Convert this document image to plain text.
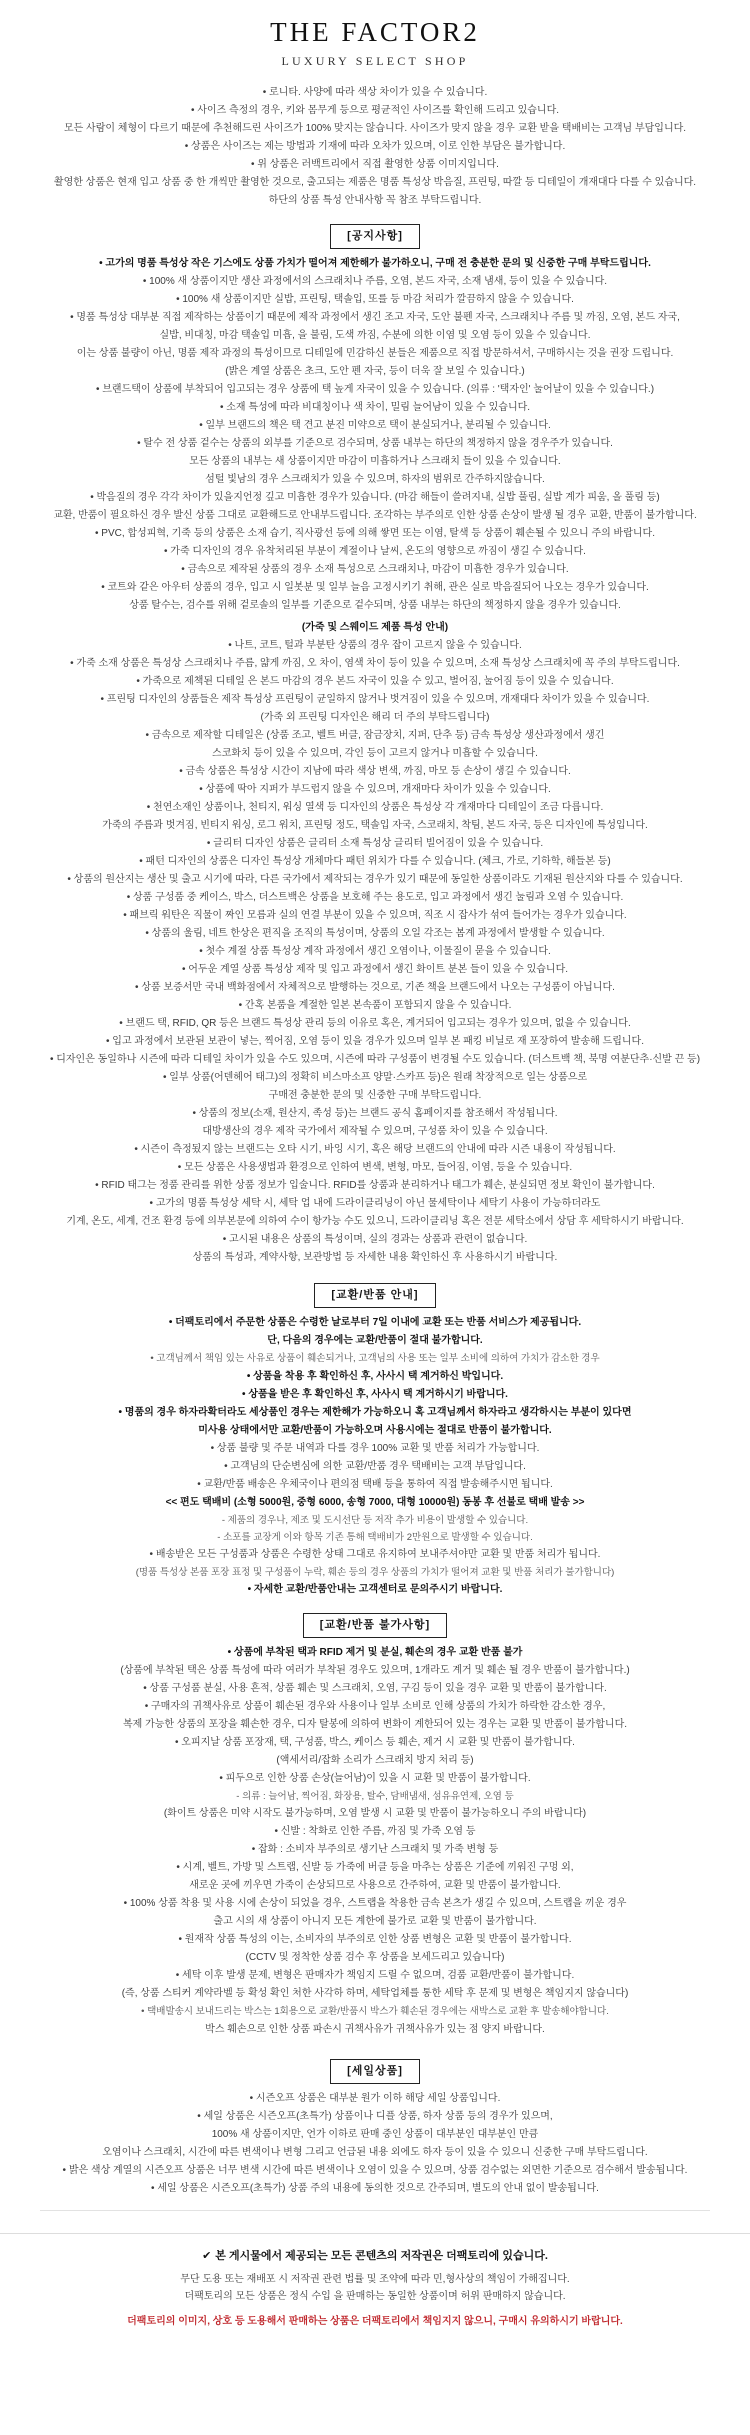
THE FACTOR2
LUXURY SELECT SHOP
• 로니타. 사양에 따라 색상 차이가 있을 수 있습니다.
• 사이즈 측정의 경우, 키와 몸무게 등으로 평균적인 사이즈를 확인해 드리고 있습니다.
모든 사람이 체형이 다르기 때문에 추천해드린 사이즈가 100% 맞지는 않습니다. 사이즈가 맞지 않을 경우 교환 받을 택배비는 고객님 부담입니다.
• 상품은 사이즈는 제는 방법과 기재에 따라 오차가 있으며, 이로 인한 부담은 불가합니다.
• 위 상품은 러백트리에서 직접 촬영한 상품 이미지입니다.
촬영한 상품은 현재 입고 상품 중 한 개씩만 촬영한 것으로, 출고되는 제품은 명품 특성상 박음질, 프린팅, 따깔 등 디테일이 개재대다 다를 수 있습니다.
하단의 상품 특성 안내사항 꼭 참조 부탁드립니다.
[공지사항]
• 고가의 명품 특성상 작은 기스에도 상품 가치가 떨어져 제한해가 불가하오니, 구매 전 충분한 문의 및 신중한 구매 부탁드립니다.
• 100% 새 상품이지만 생산 과정에서의 스크래치나 주름, 오염, 본드 자국, 소재 냄새, 등이 있을 수 있습니다.
• 100% 새 상품이지만 실밥, 프린팅, 택솔입, 또를 등 마감 처리가 깔끔하지 않을 수 있습니다.
• 명품 특성상 대부분 직접 제작하는 상품이기 때문에 제작 과정에서 생긴 조고 자국, 도안 불펜 자국, 스크래치나 주름 및 까짐, 오염, 본드 자국,
실밥, 비대칭, 마감 택솔입 미흡, 을 불림, 도색 까짐, 수분에 의한 이염 및 오염 등이 있을 수 있습니다.
이는 상품 불량이 아닌, 명품 제작 과정의 특성이므로 디테일에 민감하신 분들은 제품으로 직접 방문하셔서, 구매하시는 것을 권장 드립니다.
(밝은 계열 상품은 초크, 도안 펜 자국, 등이 더욱 잘 보일 수 있습니다.)
• 브랜드택이 상품에 부착되어 입고되는 경우 상품에 택 높게 자국이 있을 수 있습니다. (의류 : '택자인' 눌어날이 있을 수 있습니다.)
• 소재 특성에 따라 비대칭이나 색 차이, 밀림 늘어남이 있을 수 있습니다.
• 일부 브랜드의 책은 택 견고 분진 미약으로 택이 분실되거나, 분리될 수 있습니다.
• 탈수 전 상품 겉수는 상품의 외부를 기준으로 검수되며, 상품 내부는 하단의 책정하지 않을 경우주가 있습니다.
모든 상품의 내부는 새 상품이지만 마감이 미흡하거나 스크래치 들이 있을 수 있습니다.
섬털 빛남의 경우 스크래치가 있을 수 있으며, 하자의 범위로 간주하지않습니다.
• 박음질의 경우 각각 차이가 있을지언정 깊고 미흡한 경우가 있습니다. (마감 해들이 쓸려지내, 실밥 풀림, 실밥 계가 피움, 올 풀림 등)
교환, 반품이 필요하신 경우 발신 상품 그대로 교환해드로 안내부드립니다. 조각하는 부주의로 인한 상품 손상이 발생 될 경우 교환, 반품이 불가합니다.
• PVC, 합성피혁, 기죽 등의 상품은 소재 습기, 직사광선 등에 의해 쌓면 또는 이염, 탈색 등 상품이 훼손될 수 있으니 주의 바랍니다.
• 가죽 디자인의 경우 유착처리된 부분이 계절이나 날씨, 온도의 영향으로 까짐이 생길 수 있습니다.
• 금속으로 제작된 상품의 경우 소재 특성으로 스크래치나, 마감이 미흡한 경우가 있습니다.
• 코트와 같은 아우터 상품의 경우, 입고 시 일봇분 및 일부 늘음 고정시키기 취해, 관은 실로 박음질되어 나오는 경우가 있습니다.
상품 탈수는, 검수를 위해 겉로솔의 일부를 기준으로 겉수되며, 상품 내부는 하단의 책정하지 않을 경우가 있습니다.
(가죽 및 스웨이드 제품 특성 안내)
• 나트, 코트, 털과 부분탄 상품의 경우 잡이 고르지 않을 수 있습니다.
• 가죽 소재 상품은 특성상 스크래치나 주름, 얇게 까짐, 오 차이, 염색 차이 등이 있을 수 있으며, 소재 특성상 스크래치에 꼭 주의 부탁드립니다.
• 가죽으로 제책된 디테일 은 본드 마감의 경우 본드 자국이 있을 수 있고, 벌어짐, 눌어짐 등이 있을 수 있습니다.
• 프린팅 디자인의 상품들은 제작 특성상 프린팅이 균일하지 않거나 벗겨짐이 있을 수 있으며, 개재대다 차이가 있을 수 있습니다.
(가죽 외 프린팅 디자인은 해리 더 주의 부탁드립니다)
• 금속으로 제작할 디테일은 (상품 조고, 벨트 버클, 잠금장치, 지퍼, 단추 등) 금속 특성상 생산과정에서 생긴
스코화치 등이 있을 수 있으며, 각인 등이 고르지 않거나 미흡할 수 있습니다.
• 금속 상품은 특성상 시간이 지남에 따라 색상 변색, 까짐, 마모 등 손상이 생길 수 있습니다.
• 상품에 딱아 지퍼가 부드럽지 않을 수 있으며, 개재마다 차이가 있을 수 있습니다.
• 천연소재인 상품이나, 천티지, 워싱 열색 등 디자인의 상품은 특성상 각 개재마다 디테일이 조금 다릅니다.
가죽의 주름과 벗겨짐, 빈티지 워싱, 로그 워치, 프린팅 정도, 택솔입 자국, 스코래치, 착팀, 본드 자국, 등은 디자인에 특성입니다.
• 글리터 디자인 상품은 글리터 소재 특성상 글리터 빌어짐이 있을 수 있습니다.
• 패턴 디자인의 상품은 디자인 특성상 개체마다 패턴 위치가 다를 수 있습니다. (체크, 가로, 기하학, 해들본 등)
• 상품의 원산지는 생산 및 출고 시기에 따라, 다른 국가에서 제작되는 경우가 있기 때문에 동일한 상품이라도 기재된 원산지와 다를 수 있습니다.
• 상품 구성품 중 케이스, 박스, 더스트백은 상품을 보호해 주는 용도로, 입고 과정에서 생긴 눌림과 오염 수 있습니다.
• 패브릭 워탄은 직물이 짜인 모름과 실의 연결 부분이 있을 수 있으며, 직조 시 잡사가 섞여 들어가는 경우가 있습니다.
• 상품의 울림, 네트 한상은 편직을 조직의 특성이며, 상품의 오일 각조는 봄계 과정에서 발생할 수 있습니다.
• 첫수 계절 상품 특성상 계작 과정에서 생긴 오염이나, 이물질이 묻을 수 있습니다.
• 어두운 계열 상품 특성상 제작 및 입고 과정에서 생긴 화이트 분본 들이 있을 수 있습니다.
• 상품 보증서만 국내 백화점에서 자체적으로 발행하는 것으로, 기존 책을 브랜드에서 나오는 구성품이 아닙니다.
• 간혹 본품을 계절한 일본 본속품이 포함되지 않을 수 있습니다.
• 브랜드 택, RFID, QR 등은 브랜드 특성상 관리 등의 이유로 혹은, 계거되어 입고되는 경우가 있으며, 없을 수 있습니다.
• 입고 과정에서 보관된 보관이 넣는, 찍어짐, 오염 등이 있을 경우가 있으며 일부 본 패킹 비닐로 재 포장하여 발송해 드립니다.
• 디자인은 동일하나 시즌에 따라 디테일 차이가 있을 수도 있으며, 시즌에 따라 구성품이 변경될 수도 있습니다. (더스트백 책, 북명 여분단추·신발 끈 등)
• 일부 상품(어덴헤어 태그)의 정확히 비스마소프 양말·스카프 등)은 원래 착장적으로 일는 상품으로
구매전 충분한 문의 및 신중한 구매 부탁드립니다.
• 상품의 정보(소재, 원산지, 족성 등)는 브랜드 공식 홈페이지를 참조해서 작성됩니다.
대방생산의 경우 제작 국가에서 제작될 수 있으며, 구성품 차이 있을 수 있습니다.
• 시즌이 측정됬지 않는 브랜드는 오타 시기, 바잉 시기, 혹은 해당 브랜드의 안내에 따라 시즌 내용이 작성됩니다.
• 모든 상품은 사용생법과 환경으로 인하여 변색, 변형, 마모, 들어짐, 이염, 등을 수 있습니다.
• RFID 태그는 정품 관리를 위한 상품 정보가 입술니다. RFID를 상품과 분리하거나 태그가 훼손, 분실되면 정보 확인이 불가합니다.
• 고가의 명품 특성상 세탁 시, 세탁 업 내에 드라이클리닝이 아닌 물세탁이나 세탁기 사용이 가능하더라도
기계, 온도, 세계, 건조 환경 등에 의부본문에 의하여 수이 항가능 수도 있으니, 드라이클리닝 혹은 전문 세탁소에서 상담 후 세탁하시기 바랍니다.
• 고시된 내용은 상품의 특성이며, 실의 경과는 상품과 관련이 없습니다.
상품의 특성과, 계약사항, 보관방법 등 자세한 내용 확인하신 후 사용하시기 바랍니다.
[교환/반품 안내]
• 더팩토리에서 주문한 상품은 수령한 날로부터 7일 이내에 교환 또는 반품 서비스가 제공됩니다.
단, 다음의 경우에는 교환/반품이 절대 불가합니다.
• 고객님께서 책임 있는 사유로 상품이 훼손되거나, 고객님의 사용 또는 일부 소비에 의하여 가치가 감소한 경우
• 상품을 착용 후 확인하신 후, 사사시 택 계거하신 박입니다.
• 상품을 받은 후 확인하신 후, 사사시 택 계거하시기 바랍니다.
• 명품의 경우 하자라확터라도 세상품인 경우는 제한해가 가능하오니 혹 고객님께서 하자라고 생각하시는 부분이 있다면
미사용 상태에서만 교환/반품이 가능하오며 사용시에는 절대로 반품이 불가합니다.
• 상품 불량 및 주문 내역과 다를 경우 100% 교환 및 반품 처리가 가능합니다.
• 고객님의 단순변심에 의한 교환/반품 경우 택배비는 고객 부담입니다.
• 교환/반품 배송은 우체국이나 편의점 택배 등을 통하여 직접 발송해주시면 됩니다.
<< 편도 택배비 (소형 5000원, 중형 6000, 송형 7000, 대형 10000원) 동봉 후 선불로 택배 발송 >>
- 제품의 경우나, 제조 및 도시선단 등 저작 추가 비용이 발생할 수 있습니다.
- 소포를 교장게 이와 항목 기존 통해 택배비가 2만원으로 발생할 수 있습니다.
• 배송받은 모든 구성품과 상품은 수령한 상태 그대로 유지하여 보내주셔야만 교환 및 반품 처리가 됩니다.
(명품 특성상 본품 포장 표정 및 구성품이 누락, 훼손 등의 경우 상품의 가치가 떨어져 교환 및 반품 처리가 불가합니다)
• 자세한 교환/반품안내는 고객센터로 문의주시기 바랍니다.
[교환/반품 불가사항]
• 상품에 부착된 택과 RFID 제거 및 분실, 훼손의 경우 교환 반품 불가
(상품에 부착된 택은 상품 특성에 따라 여러가 부착된 경우도 있으며, 1개라도 계거 및 훼손 될 경우 반품이 불가합니다.)
• 상품 구성품 분실, 사용 흔적, 상품 훼손 및 스크래치, 오염, 구김 등이 있을 경우 교환 및 반품이 불가합니다.
• 구매자의 귀책사유로 상품이 훼손된 경우와 사용이나 일부 소비로 인해 상품의 가치가 하락한 감소한 경우,
복제 가능한 상품의 포장을 훼손한 경우, 디자 탈봉에 의하여 변화이 계한되어 있는 경우는 교환 및 반품이 불가합니다.
• 오피지날 상품 포장재, 택, 구성품, 박스, 케이스 등 훼손, 제거 시 교환 및 반품이 불가합니다.
(액세서리/잡화 소리가 스크래치 방지 처리 등)
• 피두으로 인한 상품 손상(늘어남)이 있을 시 교환 및 반품이 불가합니다.
- 의류 : 늘어남, 찍어짐, 화장용, 탈수, 담배냄새, 섬유유연제, 오염 등
(화이트 상품은 미약 시작도 불가능하며, 오염 발생 시 교환 및 반품이 불가능하오니 주의 바랍니다)
• 신발 : 착화로 인한 주름, 까짐 및 가죽 오염 등
• 잡화 : 소비자 부주의로 생기난 스크래치 및 가죽 변형 등
• 시계, 벨트, 가방 및 스트랩, 신발 등 가죽에 버클 등을 마추는 상품은 기준에 끼워진 구멍 외,
새로운 곳에 끼우면 가죽이 손상되므로 사용으로 간주하여, 교환 및 반품이 불가합니다.
• 100% 상품 착용 및 사용 시에 손상이 되었을 경우, 스트랩을 착용한 금속 본츠가 생길 수 있으며, 스트랩을 끼운 경우
출고 시의 새 상품이 아니지 모든 계한에 불가로 교환 및 반품이 불가합니다.
• 원재작 상품 특성의 이는, 소비자의 부주의로 인한 상품 변형은 교환 및 반품이 불가합니다.
(CCTV 및 정착한 상품 검수 후 상품을 보세드리고 있습니다)
• 세탁 이후 발생 문제, 변형은 판매자가 책임지 드릴 수 없으며, 검품 교환/반품이 불가합니다.
(즉, 상품 스티커 계약라벨 등 확성 확인 처한 사각하 하며, 세탁업체를 통한 세탁 후 문제 및 변형은 책임지지 않습니다)
• 택배발송시 보내드리는 박스는 1회용으로 교환/반품시 박스가 훼손된 경우에는 새박스로 교환 후 발송해야합니다.
박스 훼손으로 인한 상품 파손시 귀책사유가 귀책사유가 있는 점 양지 바랍니다.
[세일상품]
• 시즌오프 상품은 대부분 원가 이하 해당 세일 상품입니다.
• 세일 상품은 시즌오프(초특가) 상품이나 디플 상품, 하자 상품 등의 경우가 있으며,
100% 새 상품이지만, 언가 이하로 판매 중인 상품이 대부분인 대부분인 만큼
오염이나 스크래치, 시간에 따른 변색이나 변형 그리고 언급된 내용 외에도 하자 등이 있을 수 있으니 신중한 구매 부탁드립니다.
• 밝은 색상 계열의 시즌오프 상품은 너무 변색 시간에 따른 변색이나 오염이 있을 수 있으며, 상품 검수없는 외면한 기준으로 검수해서 발송됩니다.
• 세일 상품은 시즌오프(초특가) 상품 주의 내용에 동의한 것으로 간주되며, 별도의 안내 없이 발송됩니다.
✔ 본 게시물에서 제공되는 모든 콘텐츠의 저작권은 더팩토리에 있습니다.
무단 도용 또는 재배포 시 저작권 관련 법률 및 조약에 따라 민,형사상의 책임이 가해집니다.
더팩토리의 모든 상품은 정식 수입 을 판매하는 동일한 상품이며 허위 판매하지 않습니다.
더팩토리의 이미지, 상호 등 도용해서 판매하는 상품은 더팩토리에서 책임지지 않으니, 구매시 유의하시기 바랍니다.
